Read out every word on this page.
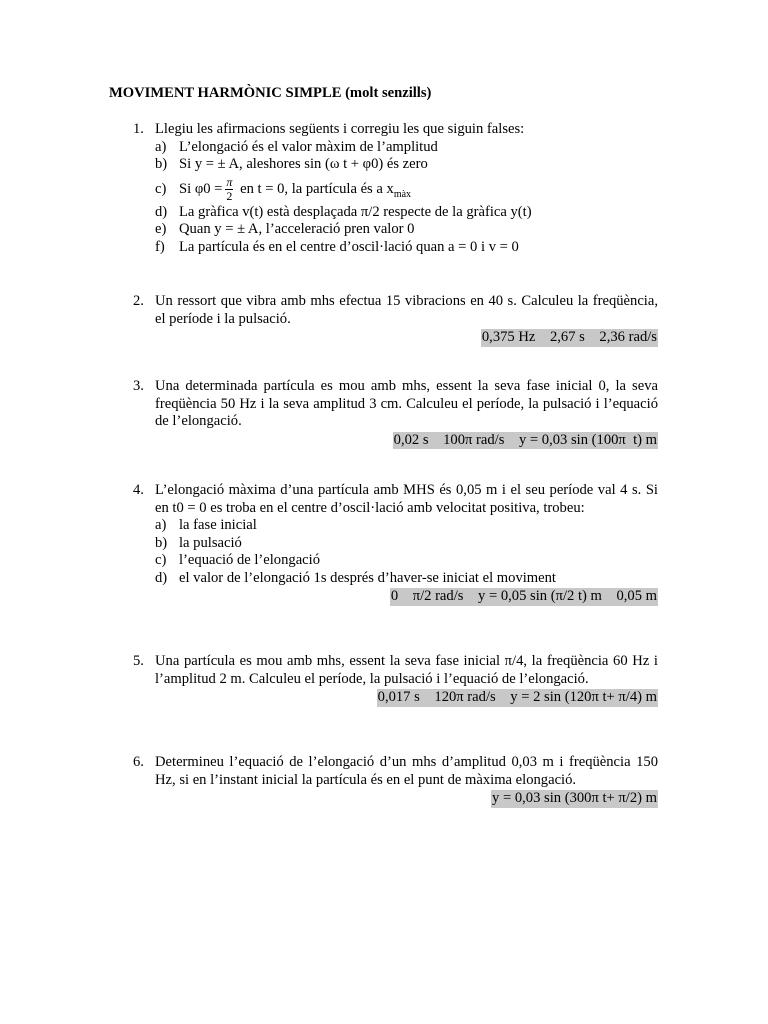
MOVIMENT HARMÒNIC SIMPLE (molt senzills)
1. Llegiu les afirmacions següents i corregiu les que siguin falses:
a) L’elongació és el valor màxim de l’amplitud
b) Si y = ± A, aleshores sin (ω t + φ0) és zero
c) Si $\varphi 0 = \frac{\pi}{2}$ en t = 0, la partícula és a $x_{màx}$
d) La gràfica v(t) està desplaçada π/2 respecte de la gràfica y(t)
e) Quan y = ± A, l’acceleració pren valor 0
f) La partícula és en el centre d’oscil·lació quan a = 0 i v = 0
2. Un ressort que vibra amb mhs efectua 15 vibracions en 40 s. Calculeu la freqüència, el període i la pulsació.
0,375 Hz    2,67 s    2,36 rad/s
3. Una determinada partícula es mou amb mhs, essent la seva fase inicial 0, la seva freqüència 50 Hz i la seva amplitud 3 cm. Calculeu el període, la pulsació i l’equació de l’elongació.
0,02 s    100π rad/s    y = 0,03 sin (100π  t) m
4. L’elongació màxima d’una partícula amb MHS és 0,05 m i el seu període val 4 s. Si en t0 = 0 es troba en el centre d’oscil·lació amb velocitat positiva, trobeu:
a) la fase inicial
b) la pulsació
c) l’equació de l’elongació
d) el valor de l’elongació 1s després d’haver-se iniciat el moviment
0    π/2 rad/s    y = 0,05 sin (π/2 t) m    0,05 m
5. Una partícula es mou amb mhs, essent la seva fase inicial π/4, la freqüència 60 Hz i l’amplitud 2 m. Calculeu el període, la pulsació i l’equació de l’elongació.
0,017 s    120π rad/s    y = 2 sin (120π t+ π/4) m
6. Determineu l’equació de l’elongació d’un mhs d’amplitud 0,03 m i freqüència 150 Hz, si en l’instant inicial la partícula és en el punt de màxima elongació.
y = 0,03 sin (300π t+ π/2) m
